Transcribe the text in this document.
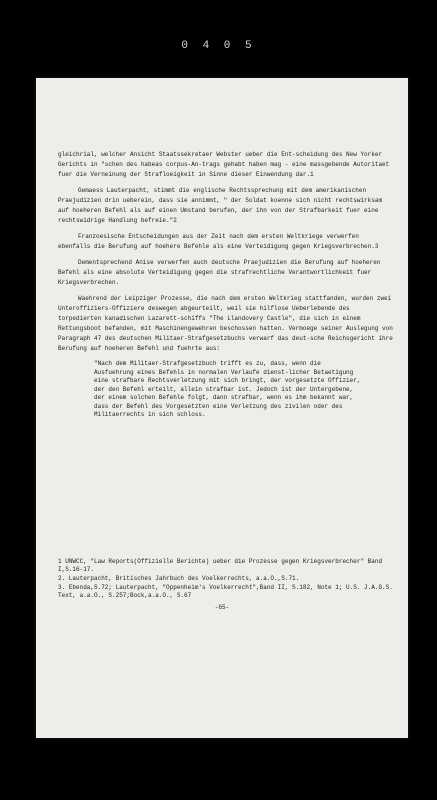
0 4 0 5

gleichrial, welcher Ansicht Staatssekretaer Webster ueber die Ent-scheidung des New Yorker Gerichts in "schen des habeas corpus-An-trags gehabt haben mag - eine massgebende Autoritaet fuer die Verneinung der Strafloeigkeit in Sinne dieser Einwendung dar.1

Gemaess Lauterpacht, stimmt die englische Rechtssprechung mit dem amerikanischen Praejudizien drin ueberein, dass sie annimmt, " der Soldat koenne sich nicht rechtswirksam auf hoeheren Befehl als auf einen Umstand berufen, der ihn von der Strafbarkeit fuer eine rechtswidrige Handlung befreie."2

Franzoesische Entscheidungen aus der Zeit nach dem ersten Weltkriege verwerfen ebenfalls die Berufung auf hoehere Befehle als eine Verteidigung gegen Kriegsverbrechen.3

Dementsprechend Anise verwerfen auch deutsche Praejudizien die Berufung auf hoeheren Befehl als eine absolute Verteidigung gegen die strafrechtliche Verantwortlichkeit fuer Kriegsverbrechen.

Waehrend der Leipziger Prozesse, die nach dem ersten Weltkrieg stattfanden, wurden zwei Unteroffiziers-Offiziere deswegen abgeurteilt, weil sie hilflose Ueberlebende des torpedierten kanadischen Lazarett-schiffs "The Llandovery Castle", die sich in einem Rettungsboot befanden, mit Maschinengewehren beschossen hatten. Vermoege seiner Auslegung von Paragraph 47 des deutschen Militaer-Strafgesetzbuchs verwarf das deut-sche Reichsgericht ihre Berufung auf hoeheren Befehl und fuehrte aus:

"Nach dem Militaer-Strafgesetzbuch trifft es zu, dass, wenn die Ausfuehrung eines Befehls in normalen Verlaufe dienst-licher Betaetigung eine strafbare Rechtsverletzung mit sich bringt, der vorgesetzte Offizier, der den Befehl erteilt, allein strafbar ist. Jedoch ist der Untergebene, der einem solchen Befehle folgt, dann strafbar, wenn es ihm bekannt war, dass der Befehl des Vorgesetzten eine Verletzung des zivilen oder des Militaerrechts in sich schloss.

1 UNWCC, "Law Reports(Offizielle Berichte) ueber die Prozesse gegen Kriegsverbrecher" Band I,S.16-17.

2. Lauterpacht, Britisches Jahrbuch des Voelkerrechts, a.a.O.,S.71.

3. Ebenda,S.72; Lauterpacht, "Oppenheim's Voelkerrecht",Band II, S.182, Note 1; U.S. J.A.G.S. Text, a.a.O., S.257;Bock,a.a.O., S.67

-65-
